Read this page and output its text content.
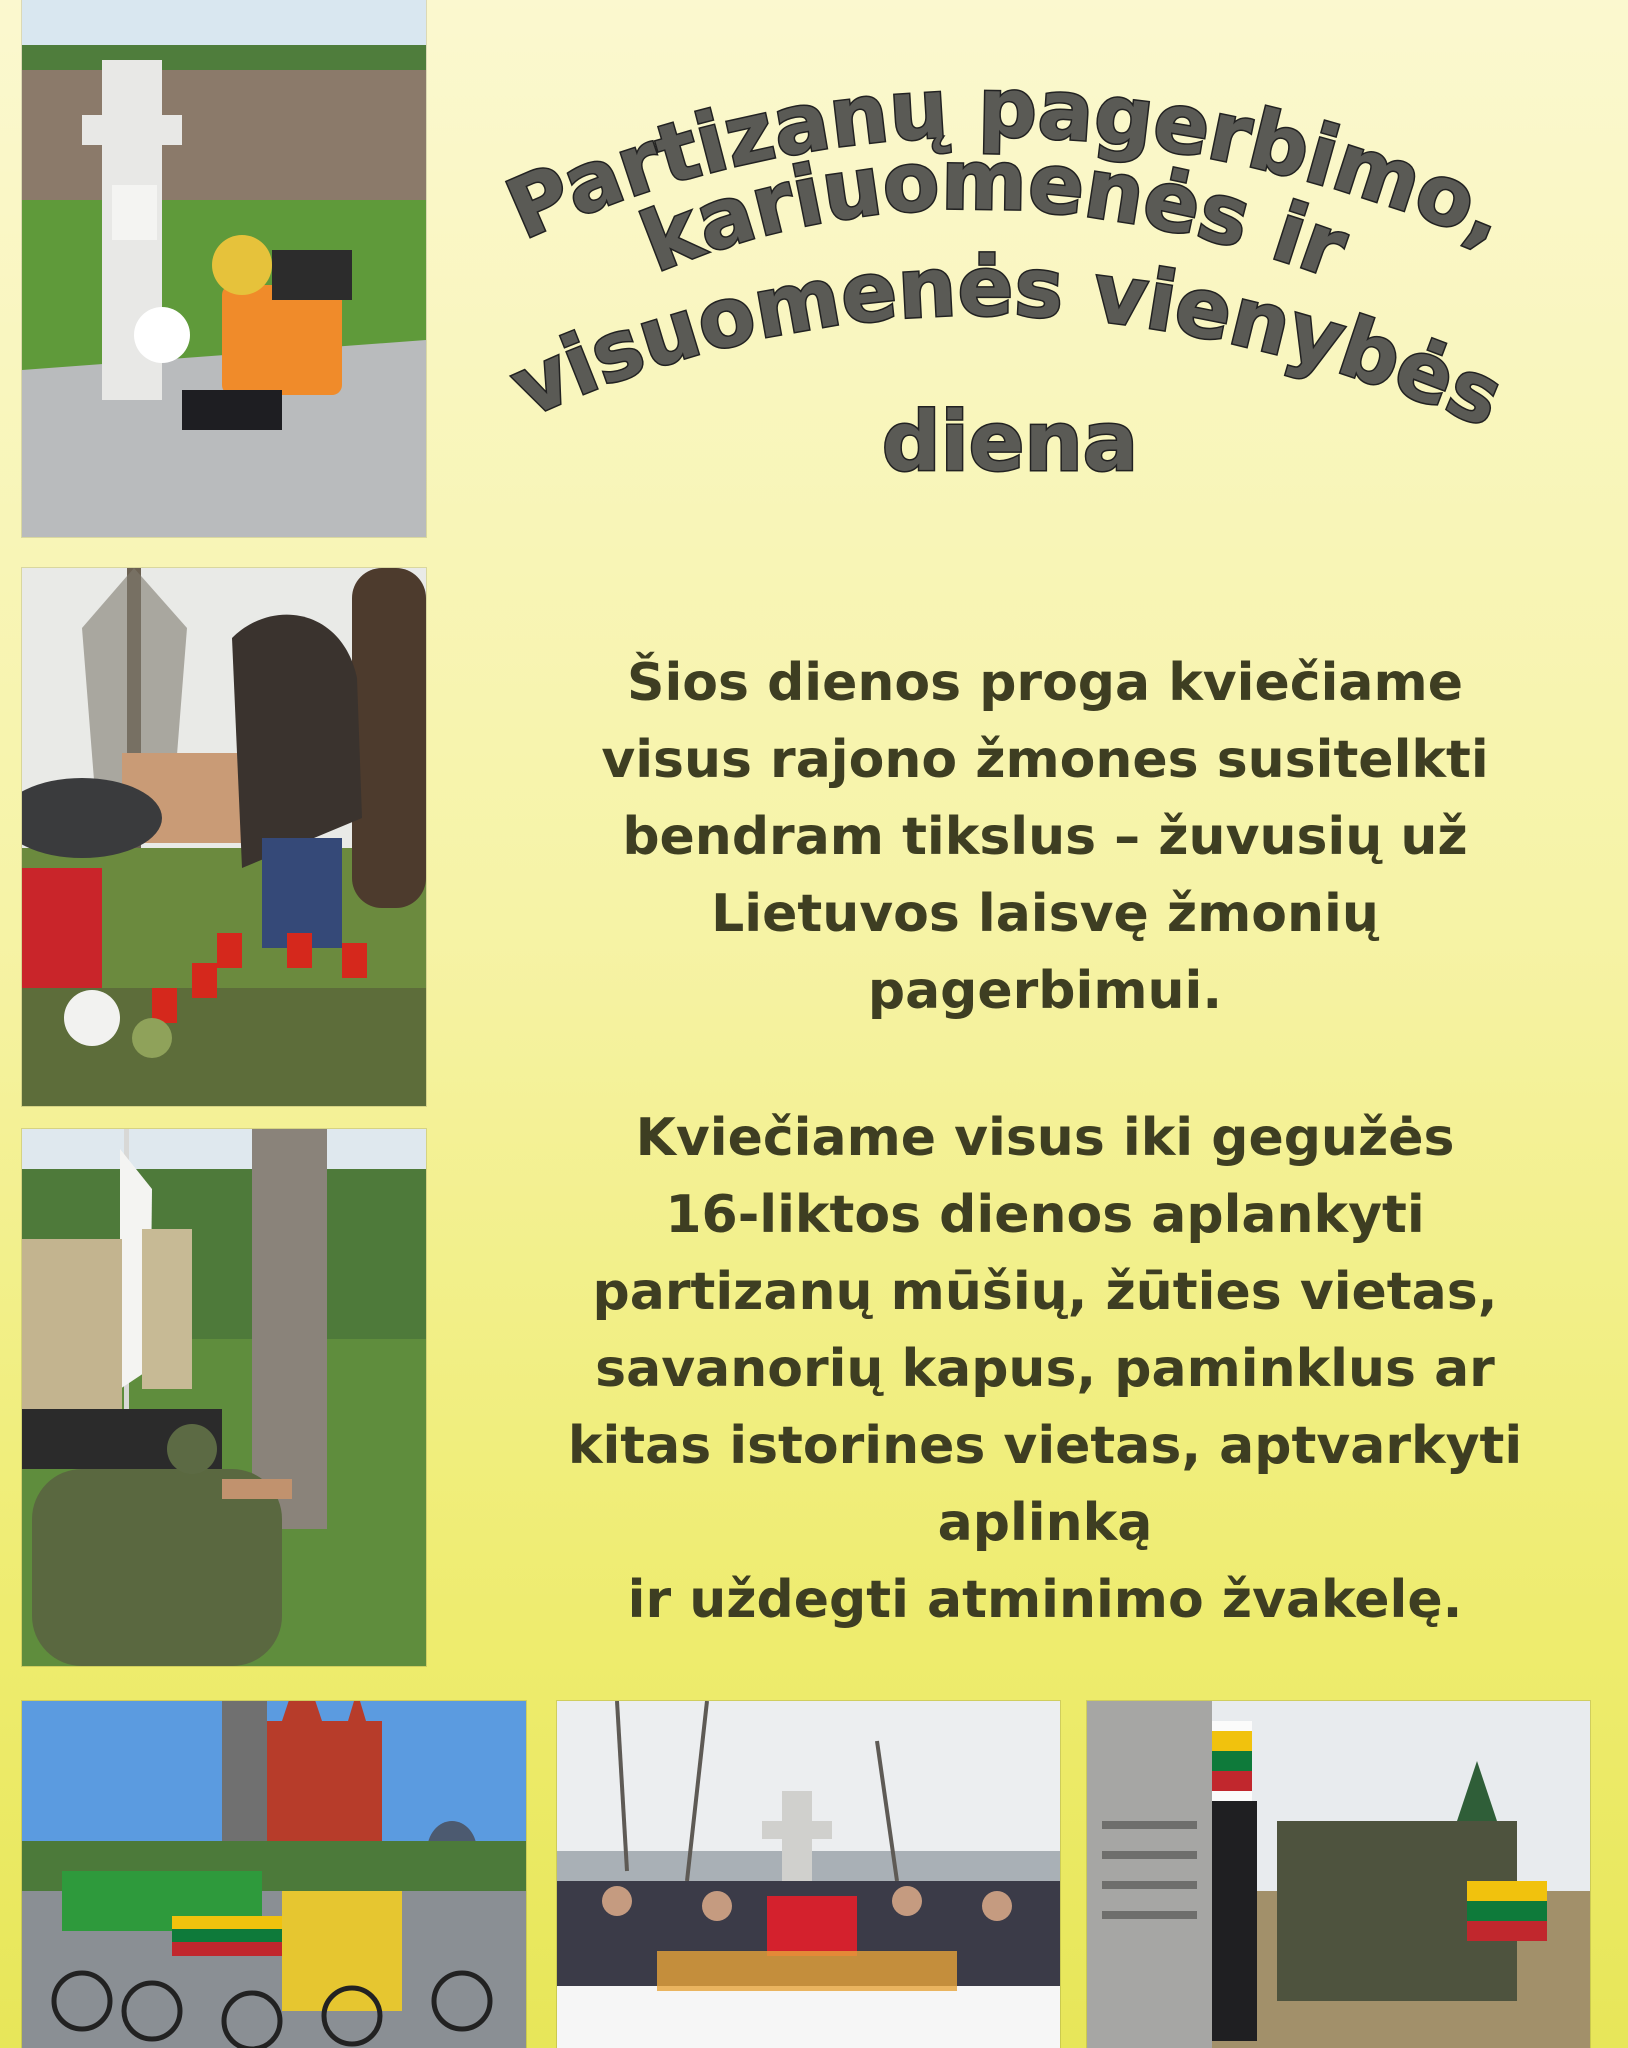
Partizanų pagerbimo,
kariuomenės ir
visuomenės vienybės
diena
Šios dienos proga kviečiame
visus rajono žmones susitelkti
bendram tikslus – žuvusių už
Lietuvos laisvę žmonių
pagerbimui.
Kviečiame visus iki gegužės
16-liktos dienos aplankyti
partizanų mūšių, žūties vietas,
savanorių kapus, paminklus ar
kitas istorines vietas, aptvarkyti
aplinką
ir uždegti atminimo žvakelę.
